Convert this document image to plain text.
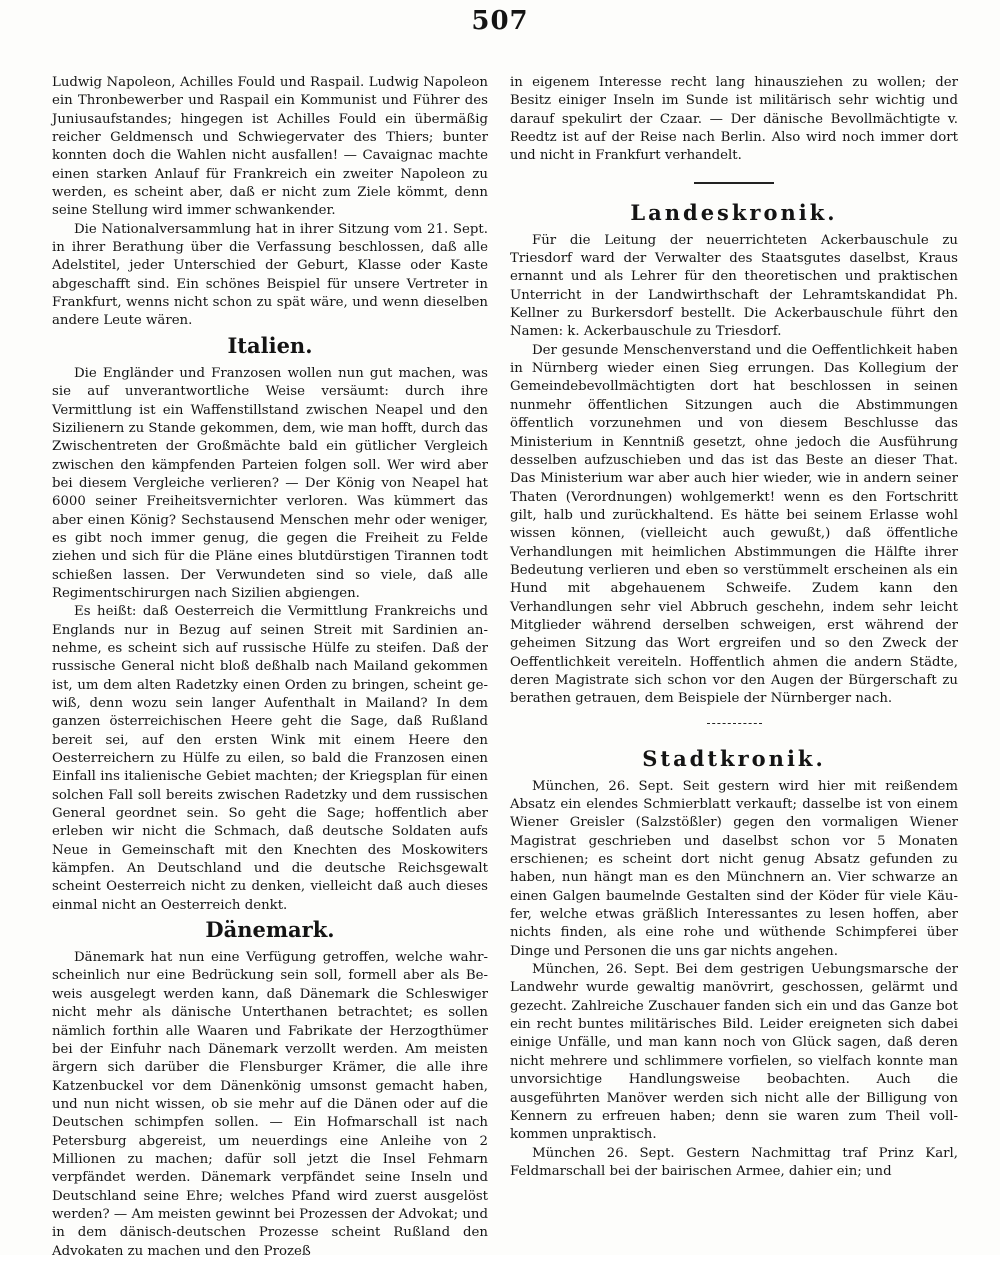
507

Ludwig Napoleon, Achilles Fould und Raspail. Ludwig Napoleon ein Thronbewerber und Raspail ein Kommunist und Führer des Juniusaufstandes; hingegen ist Achilles Fould ein übermäßig reicher Geldmensch und Schwiegervater des Thiers; bunter konnten doch die Wahlen nicht ausfallen! — Cavaignac machte einen starken Anlauf für Frankreich ein zweiter Napoleon zu werden, es scheint aber, daß er nicht zum Ziele kömmt, denn seine Stellung wird immer schwankender.

Die Nationalversammlung hat in ihrer Sitzung vom 21. Sept. in ihrer Berathung über die Verfassung beschlossen, daß alle Adelstitel, jeder Unterschied der Geburt, Klasse oder Kaste abgeschafft sind. Ein schönes Beispiel für unsere Vertreter in Frankfurt, wenns nicht schon zu spät wäre, und wenn dieselben andere Leute wären.

Italien.

Die Engländer und Franzosen wollen nun gut machen, was sie auf unverantwortliche Weise versäumt: durch ihre Vermittlung ist ein Waffenstillstand zwischen Neapel und den Sizilienern zu Stande gekommen, dem, wie man hofft, durch das Zwischentreten der Großmächte bald ein gütlicher Vergleich zwischen den kämpfenden Parteien folgen soll. Wer wird aber bei diesem Vergleiche verlieren? — Der König von Neapel hat 6000 seiner Freiheitsvernichter verloren. Was kümmert das aber einen König? Sechstausend Menschen mehr oder weniger, es gibt noch immer genug, die gegen die Freiheit zu Felde ziehen und sich für die Pläne eines blutdürstigen Tirannen todt schießen lassen. Der Verwundeten sind so viele, daß alle Regimentschirurgen nach Sizilien abgiengen.

Es heißt: daß Oesterreich die Vermittlung Frankreichs und Englands nur in Bezug auf seinen Streit mit Sardinien annehme, es scheint sich auf russische Hülfe zu steifen. Daß der russische General nicht bloß deßhalb nach Mailand gekommen ist, um dem alten Radetzky einen Orden zu bringen, scheint gewiß, denn wozu sein langer Aufenthalt in Mailand? In dem ganzen österreichischen Heere geht die Sage, daß Rußland bereit sei, auf den ersten Wink mit einem Heere den Oesterreichern zu Hülfe zu eilen, so bald die Franzosen einen Einfall ins italienische Gebiet machten; der Kriegsplan für einen solchen Fall soll bereits zwischen Radetzky und dem russischen General geordnet sein. So geht die Sage; hoffentlich aber erleben wir nicht die Schmach, daß deutsche Soldaten aufs Neue in Gemeinschaft mit den Knechten des Moskowiters kämpfen. An Deutschland und die deutsche Reichsgewalt scheint Oesterreich nicht zu denken, vielleicht daß auch dieses einmal nicht an Oesterreich denkt.

Dänemark.

Dänemark hat nun eine Verfügung getroffen, welche wahrscheinlich nur eine Bedrückung sein soll, formell aber als Beweis ausgelegt werden kann, daß Dänemark die Schleswiger nicht mehr als dänische Unterthanen betrachtet; es sollen nämlich forthin alle Waaren und Fabrikate der Herzogthümer bei der Einfuhr nach Dänemark verzollt werden. Am meisten ärgern sich darüber die Flensburger Krämer, die alle ihre Katzenbuckel vor dem Dänenkönig umsonst gemacht haben, und nun nicht wissen, ob sie mehr auf die Dänen oder auf die Deutschen schimpfen sollen. — Ein Hofmarschall ist nach Petersburg abgereist, um neuerdings eine Anleihe von 2 Millionen zu machen; dafür soll jetzt die Insel Fehmarn verpfändet werden. Dänemark verpfändet seine Inseln und Deutschland seine Ehre; welches Pfand wird zuerst ausgelöst werden? — Am meisten gewinnt bei Prozessen der Advokat; und in dem dänisch-deutschen Prozesse scheint Rußland den Advokaten zu machen und den Prozeß

in eigenem Interesse recht lang hinausziehen zu wollen; der Besitz einiger Inseln im Sunde ist militärisch sehr wichtig und darauf spekulirt der Czaar. — Der dänische Bevollmächtigte v. Reedtz ist auf der Reise nach Berlin. Also wird noch immer dort und nicht in Frankfurt verhandelt.

Landeskronik.

Für die Leitung der neuerrichteten Ackerbauschule zu Triesdorf ward der Verwalter des Staatsgutes daselbst, Kraus ernannt und als Lehrer für den theoretischen und praktischen Unterricht in der Landwirthschaft der Lehramtskandidat Ph. Kellner zu Burkersdorf bestellt. Die Ackerbauschule führt den Namen: k. Ackerbauschule zu Triesdorf.

Der gesunde Menschenverstand und die Oeffentlichkeit haben in Nürnberg wieder einen Sieg errungen. Das Kollegium der Gemeindebevollmächtigten dort hat beschlossen in seinen nunmehr öffentlichen Sitzungen auch die Abstimmungen öffentlich vorzunehmen und von diesem Beschlusse das Ministerium in Kenntniß gesetzt, ohne jedoch die Ausführung desselben aufzuschieben und das ist das Beste an dieser That. Das Ministerium war aber auch hier wieder, wie in andern seiner Thaten (Verordnungen) wohlgemerkt! wenn es den Fortschritt gilt, halb und zurückhaltend. Es hätte bei seinem Erlasse wohl wissen können, (vielleicht auch gewußt,) daß öffentliche Verhandlungen mit heimlichen Abstimmungen die Hälfte ihrer Bedeutung verlieren und eben so verstümmelt erscheinen als ein Hund mit abgehauenem Schweife. Zudem kann den Verhandlungen sehr viel Abbruch geschehn, indem sehr leicht Mitglieder während derselben schweigen, erst während der geheimen Sitzung das Wort ergreifen und so den Zweck der Oeffentlichkeit vereiteln. Hoffentlich ahmen die andern Städte, deren Magistrate sich schon vor den Augen der Bürgerschaft zu berathen getrauen, dem Beispiele der Nürnberger nach.

Stadtkronik.

München, 26. Sept. Seit gestern wird hier mit reißendem Absatz ein elendes Schmierblatt verkauft; dasselbe ist von einem Wiener Greisler (Salzstößler) gegen den vormaligen Wiener Magistrat geschrieben und daselbst schon vor 5 Monaten erschienen; es scheint dort nicht genug Absatz gefunden zu haben, nun hängt man es den Münchnern an. Vier schwarze an einen Galgen baumelnde Gestalten sind der Köder für viele Käufer, welche etwas gräßlich Interessantes zu lesen hoffen, aber nichts finden, als eine rohe und wüthende Schimpferei über Dinge und Personen die uns gar nichts angehen.

München, 26. Sept. Bei dem gestrigen Uebungsmarsche der Landwehr wurde gewaltig manövrirt, geschossen, gelärmt und gezecht. Zahlreiche Zuschauer fanden sich ein und das Ganze bot ein recht buntes militärisches Bild. Leider ereigneten sich dabei einige Unfälle, und man kann noch von Glück sagen, daß deren nicht mehrere und schlimmere vorfielen, so vielfach konnte man unvorsichtige Handlungsweise beobachten. Auch die ausgeführten Manöver werden sich nicht alle der Billigung von Kennern zu erfreuen haben; denn sie waren zum Theil vollkommen unpraktisch.

München 26. Sept. Gestern Nachmittag traf Prinz Karl, Feldmarschall bei der bairischen Armee, dahier ein; und
